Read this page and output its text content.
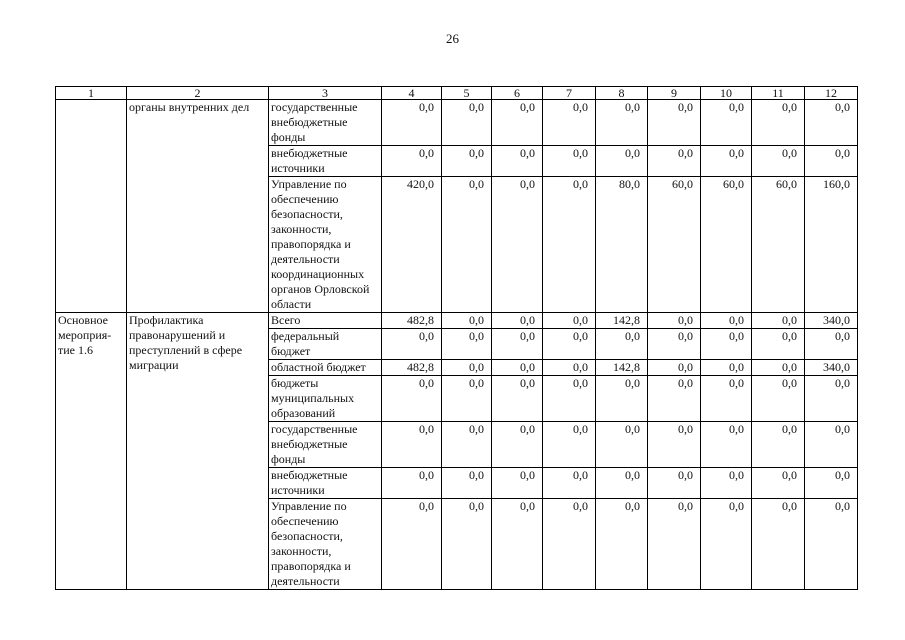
26
1	2	3	4	5	6	7	8	9	10	11	12
	органы внутренних дел	государственные внебюджетные фонды	0,0	0,0	0,0	0,0	0,0	0,0	0,0	0,0	0,0
		внебюджетные источники	0,0	0,0	0,0	0,0	0,0	0,0	0,0	0,0	0,0
		Управление по обеспечению безопасности, законности, правопорядка и деятельности координационных органов Орловской области	420,0	0,0	0,0	0,0	80,0	60,0	60,0	60,0	160,0
Основное мероприя-тие 1.6	Профилактика правонарушений и преступлений в сфере миграции	Всего	482,8	0,0	0,0	0,0	142,8	0,0	0,0	0,0	340,0
		федеральный бюджет	0,0	0,0	0,0	0,0	0,0	0,0	0,0	0,0	0,0
		областной бюджет	482,8	0,0	0,0	0,0	142,8	0,0	0,0	0,0	340,0
		бюджеты муниципальных образований	0,0	0,0	0,0	0,0	0,0	0,0	0,0	0,0	0,0
		государственные внебюджетные фонды	0,0	0,0	0,0	0,0	0,0	0,0	0,0	0,0	0,0
		внебюджетные источники	0,0	0,0	0,0	0,0	0,0	0,0	0,0	0,0	0,0
		Управление по обеспечению безопасности, законности, правопорядка и деятельности	0,0	0,0	0,0	0,0	0,0	0,0	0,0	0,0	0,0
